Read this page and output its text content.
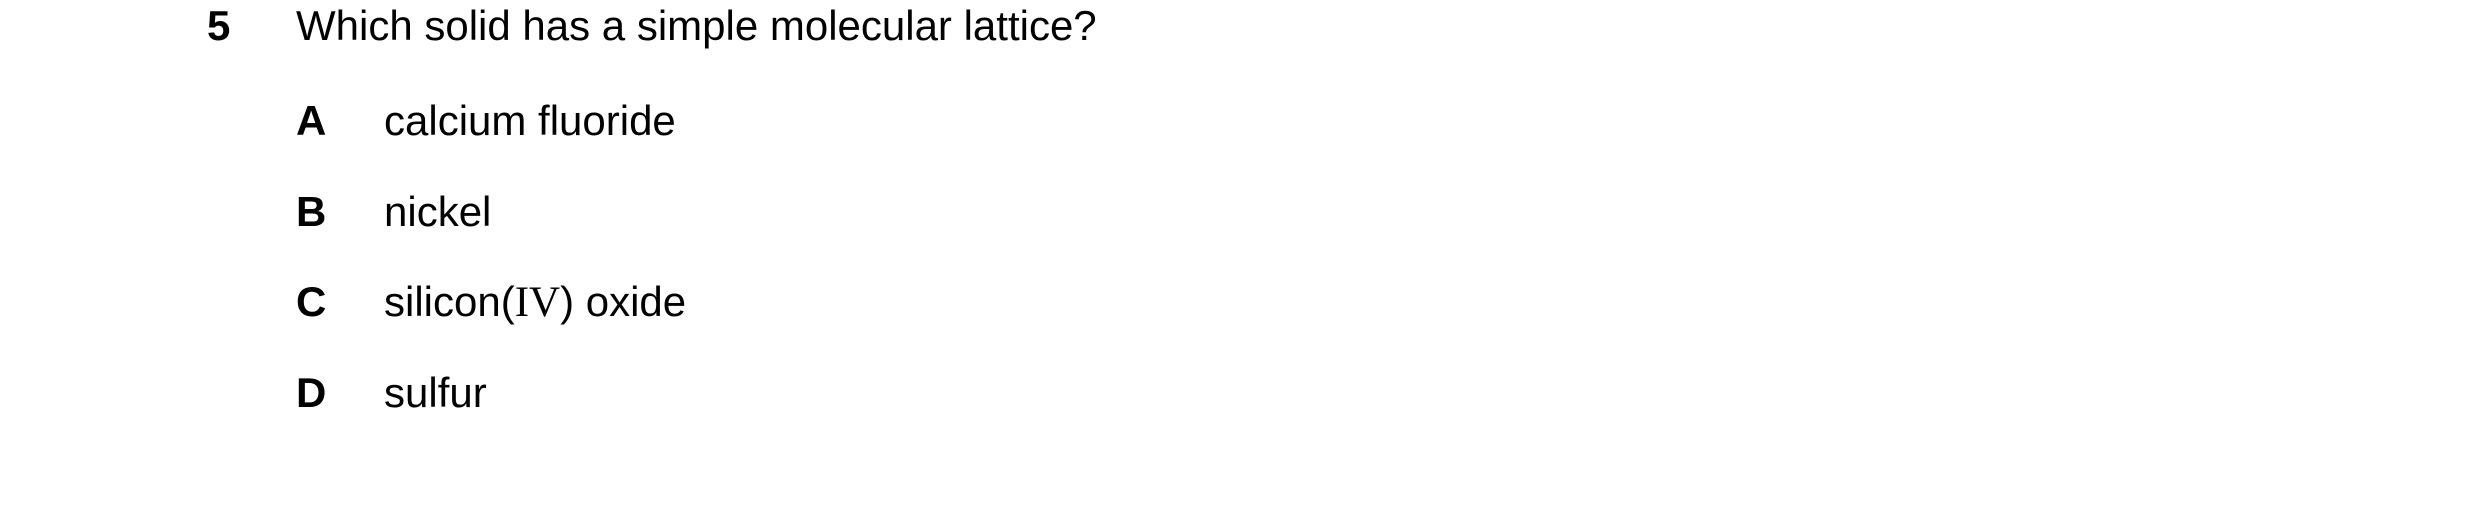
5 Which solid has a simple molecular lattice?
A calcium fluoride
B nickel
C silicon(IV) oxide
D sulfur
